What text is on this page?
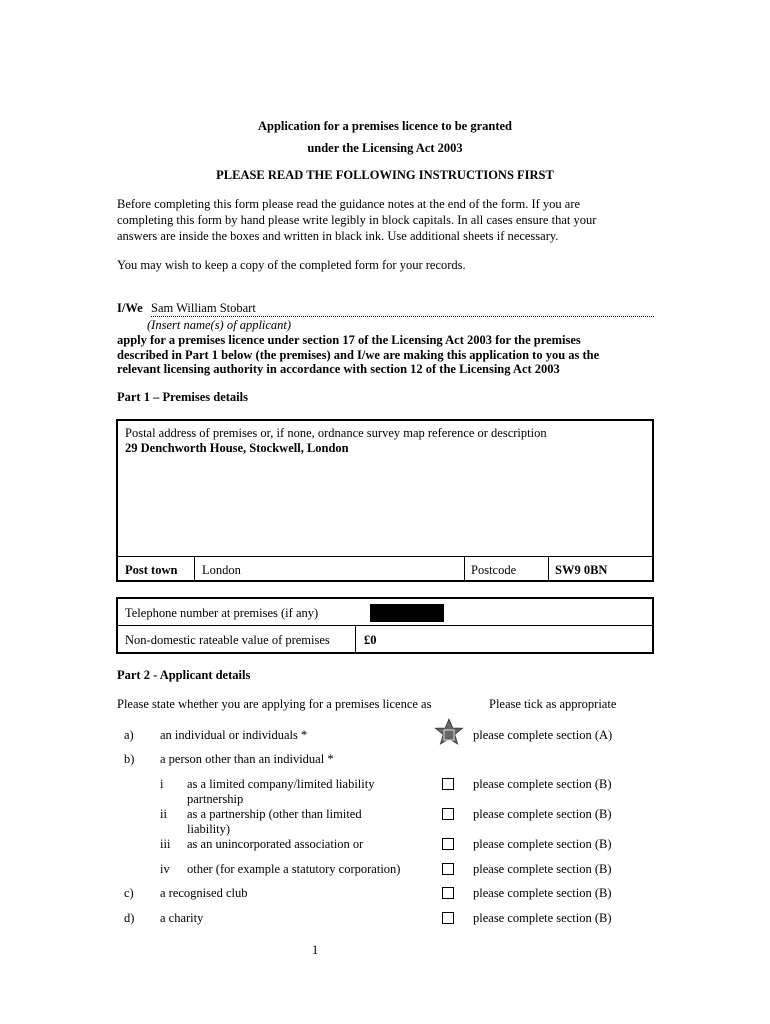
Application for a premises licence to be granted
under the Licensing Act 2003
PLEASE READ THE FOLLOWING INSTRUCTIONS FIRST
Before completing this form please read the guidance notes at the end of the form. If you are
completing this form by hand please write legibly in block capitals. In all cases ensure that your
answers are inside the boxes and written in black ink. Use additional sheets if necessary.
You may wish to keep a copy of the completed form for your records.
I/We Sam William Stobart
(Insert name(s) of applicant)
apply for a premises licence under section 17 of the Licensing Act 2003 for the premises
described in Part 1 below (the premises) and I/we are making this application to you as the
relevant licensing authority in accordance with section 12 of the Licensing Act 2003
Part 1 – Premises details
Postal address of premises or, if none, ordnance survey map reference or description
29 Denchworth House, Stockwell, London
Post town London	Postcode	SW9 0BN
Telephone number at premises (if any)
Non-domestic rateable value of premises	£0
Part 2 - Applicant details
Please state whether you are applying for a premises licence as	Please tick as appropriate
a) an individual or individuals *	please complete section (A)
b) a person other than an individual *
i as a limited company/limited liability
partnership
please complete section (B)
ii as a partnership (other than limited
liability)
please complete section (B)
iii as an unincorporated association or	please complete section (B)
iv other (for example a statutory corporation)	please complete section (B)
c) a recognised club	please complete section (B)
d) a charity	please complete section (B)
1
